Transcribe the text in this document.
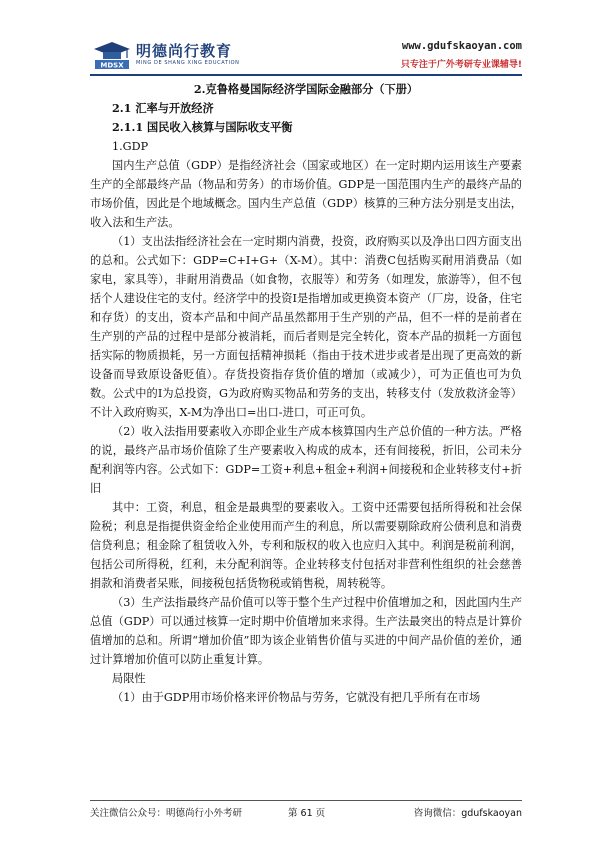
MDSX
明德尚行教育
MING DE SHANG XING EDUCATION
www.gdufskaoyan.com
只专注于广外考研专业课辅导!

2.克鲁格曼国际经济学国际金融部分（下册）

2.1 汇率与开放经济

2.1.1 国民收入核算与国际收支平衡

1.GDP

国内生产总值（GDP）是指经济社会（国家或地区）在一定时期内运用该生产要素生产的全部最终产品（物品和劳务）的市场价值。GDP是一国范围内生产的最终产品的市场价值，因此是个地域概念。国内生产总值（GDP）核算的三种方法分别是支出法，收入法和生产法。

（1）支出法指经济社会在一定时期内消费，投资，政府购买以及净出口四方面支出的总和。公式如下：GDP=C+I+G+（X-M）。其中：消费C包括购买耐用消费品（如家电，家具等），非耐用消费品（如食物，衣服等）和劳务（如理发，旅游等），但不包括个人建设住宅的支付。经济学中的投资I是指增加或更换资本资产（厂房，设备，住宅和存货）的支出，资本产品和中间产品虽然都用于生产别的产品，但不一样的是前者在生产别的产品的过程中是部分被消耗，而后者则是完全转化，资本产品的损耗一方面包括实际的物质损耗，另一方面包括精神损耗（指由于技术进步或者是出现了更高效的新设备而导致原设备贬值）。存货投资指存货价值的增加（或减少），可为正值也可为负数。公式中的I为总投资，G为政府购买物品和劳务的支出，转移支付（发放救济金等）不计入政府购买，X-M为净出口=出口-进口，可正可负。

（2）收入法指用要素收入亦即企业生产成本核算国内生产总价值的一种方法。严格的说，最终产品市场价值除了生产要素收入构成的成本，还有间接税，折旧，公司未分配利润等内容。公式如下：GDP=工资+利息+租金+利润+间接税和企业转移支付+折旧

其中：工资，利息，租金是最典型的要素收入。工资中还需要包括所得税和社会保险税；利息是指提供资金给企业使用而产生的利息，所以需要剔除政府公债利息和消费信贷利息；租金除了租赁收入外，专利和版权的收入也应归入其中。利润是税前利润，包括公司所得税，红利，未分配利润等。企业转移支付包括对非营利性组织的社会慈善捐款和消费者呆账，间接税包括货物税或销售税，周转税等。

（3）生产法指最终产品价值可以等于整个生产过程中价值增加之和，因此国内生产总值（GDP）可以通过核算一定时期中价值增加来求得。生产法最突出的特点是计算价值增加的总和。所谓“增加价值”即为该企业销售价值与买进的中间产品价值的差价，通过计算增加价值可以防止重复计算。

局限性

（1）由于GDP用市场价格来评价物品与劳务，它就没有把几乎所有在市场

关注微信公众号：明德尚行小外考研	第 61 页	咨询微信：gdufskaoyan
